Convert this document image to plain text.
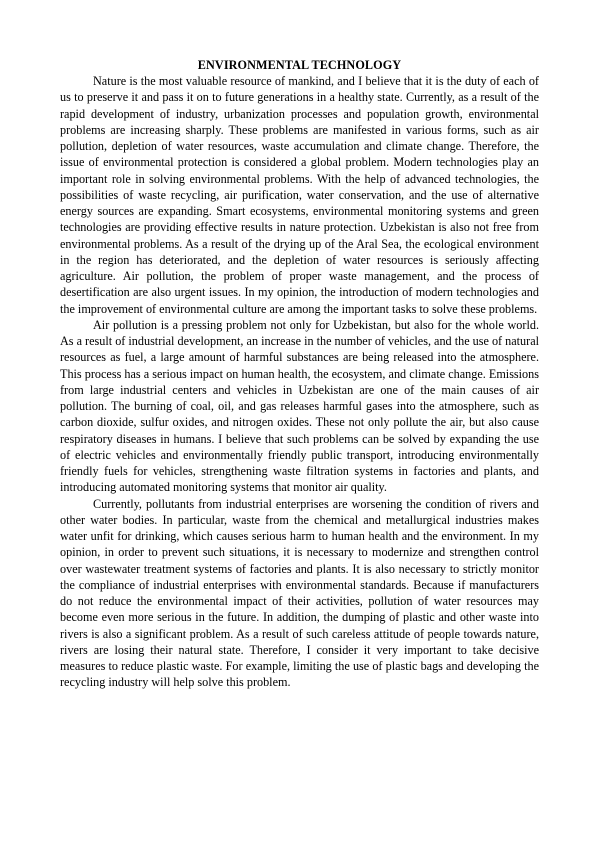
ENVIRONMENTAL TECHNOLOGY

Nature is the most valuable resource of mankind, and I believe that it is the duty of each of us to preserve it and pass it on to future generations in a healthy state. Currently, as a result of the rapid development of industry, urbanization processes and population growth, environmental problems are increasing sharply. These problems are manifested in various forms, such as air pollution, depletion of water resources, waste accumulation and climate change. Therefore, the issue of environmental protection is considered a global problem. Modern technologies play an important role in solving environmental problems. With the help of advanced technologies, the possibilities of waste recycling, air purification, water conservation, and the use of alternative energy sources are expanding. Smart ecosystems, environmental monitoring systems and green technologies are providing effective results in nature protection. Uzbekistan is also not free from environmental problems. As a result of the drying up of the Aral Sea, the ecological environment in the region has deteriorated, and the depletion of water resources is seriously affecting agriculture. Air pollution, the problem of proper waste management, and the process of desertification are also urgent issues. In my opinion, the introduction of modern technologies and the improvement of environmental culture are among the important tasks to solve these problems.

Air pollution is a pressing problem not only for Uzbekistan, but also for the whole world. As a result of industrial development, an increase in the number of vehicles, and the use of natural resources as fuel, a large amount of harmful substances are being released into the atmosphere. This process has a serious impact on human health, the ecosystem, and climate change. Emissions from large industrial centers and vehicles in Uzbekistan are one of the main causes of air pollution. The burning of coal, oil, and gas releases harmful gases into the atmosphere, such as carbon dioxide, sulfur oxides, and nitrogen oxides. These not only pollute the air, but also cause respiratory diseases in humans. I believe that such problems can be solved by expanding the use of electric vehicles and environmentally friendly public transport, introducing environmentally friendly fuels for vehicles, strengthening waste filtration systems in factories and plants, and introducing automated monitoring systems that monitor air quality.

Currently, pollutants from industrial enterprises are worsening the condition of rivers and other water bodies. In particular, waste from the chemical and metallurgical industries makes water unfit for drinking, which causes serious harm to human health and the environment. In my opinion, in order to prevent such situations, it is necessary to modernize and strengthen control over wastewater treatment systems of factories and plants. It is also necessary to strictly monitor the compliance of industrial enterprises with environmental standards. Because if manufacturers do not reduce the environmental impact of their activities, pollution of water resources may become even more serious in the future. In addition, the dumping of plastic and other waste into rivers is also a significant problem. As a result of such careless attitude of people towards nature, rivers are losing their natural state. Therefore, I consider it very important to take decisive measures to reduce plastic waste. For example, limiting the use of plastic bags and developing the recycling industry will help solve this problem.
